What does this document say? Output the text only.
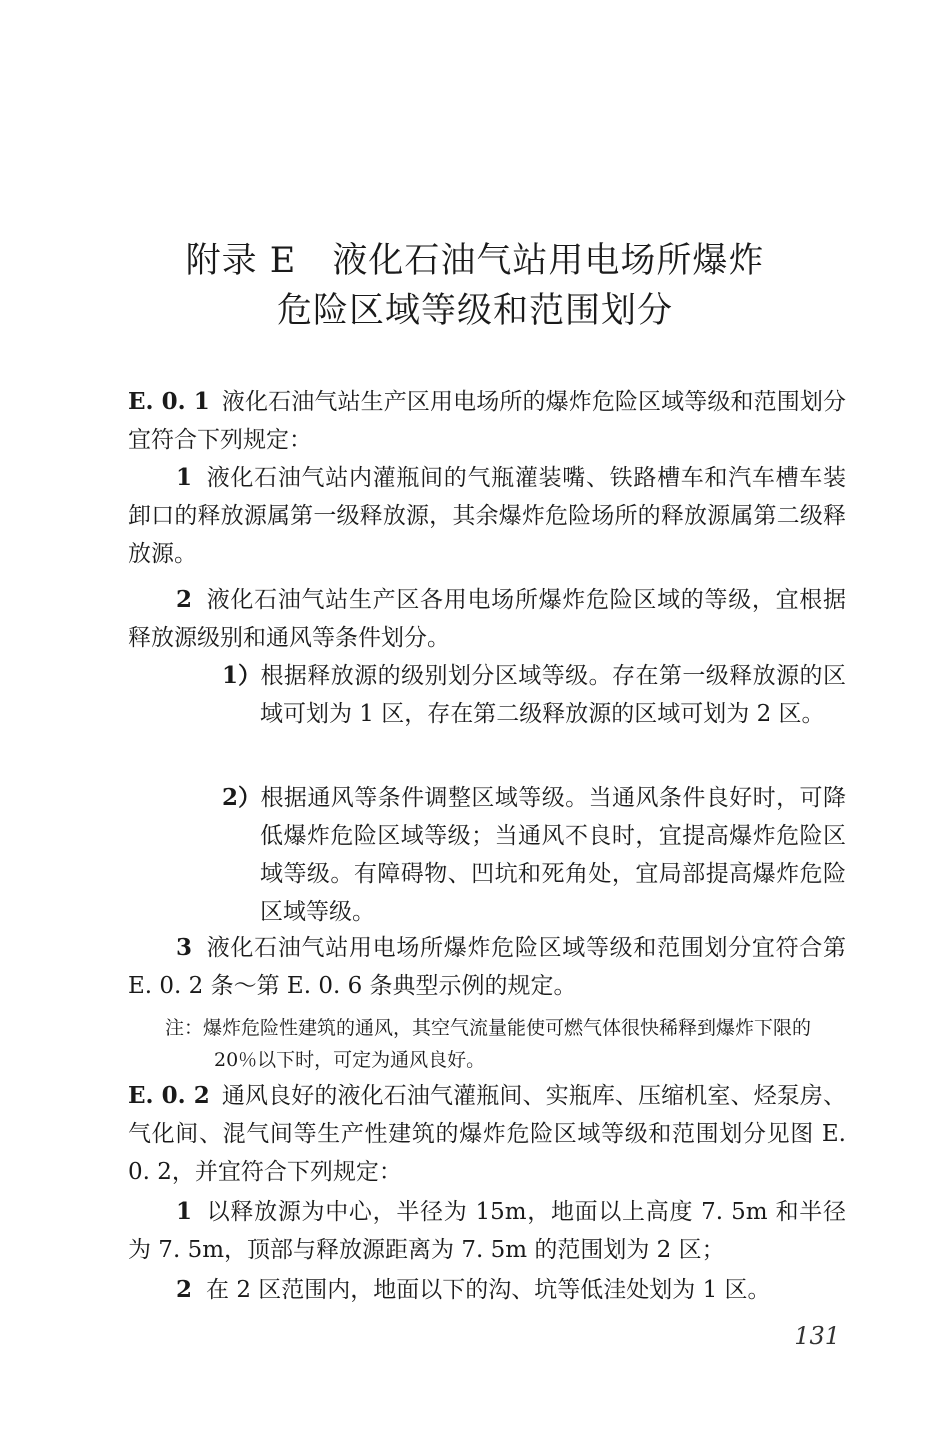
附录 E　液化石油气站用电场所爆炸
危险区域等级和范围划分
E. 0. 1 液化石油气站生产区用电场所的爆炸危险区域等级和范围划分宜符合下列规定：
1 液化石油气站内灌瓶间的气瓶灌装嘴、铁路槽车和汽车槽车装卸口的释放源属第一级释放源，其余爆炸危险场所的释放源属第二级释放源。
2 液化石油气站生产区各用电场所爆炸危险区域的等级，宜根据释放源级别和通风等条件划分。
1）根据释放源的级别划分区域等级。存在第一级释放源的区域可划为 1 区，存在第二级释放源的区域可划为 2 区。
2）根据通风等条件调整区域等级。当通风条件良好时，可降低爆炸危险区域等级；当通风不良时，宜提高爆炸危险区域等级。有障碍物、凹坑和死角处，宜局部提高爆炸危险区域等级。
3 液化石油气站用电场所爆炸危险区域等级和范围划分宜符合第 E. 0. 2 条～第 E. 0. 6 条典型示例的规定。
注：爆炸危险性建筑的通风，其空气流量能使可燃气体很快稀释到爆炸下限的 20％以下时，可定为通风良好。
E. 0. 2 通风良好的液化石油气灌瓶间、实瓶库、压缩机室、烃泵房、气化间、混气间等生产性建筑的爆炸危险区域等级和范围划分见图 E. 0. 2，并宜符合下列规定：
1 以释放源为中心，半径为 15m，地面以上高度 7. 5m 和半径为 7. 5m，顶部与释放源距离为 7. 5m 的范围划为 2 区；
2 在 2 区范围内，地面以下的沟、坑等低洼处划为 1 区。
131
